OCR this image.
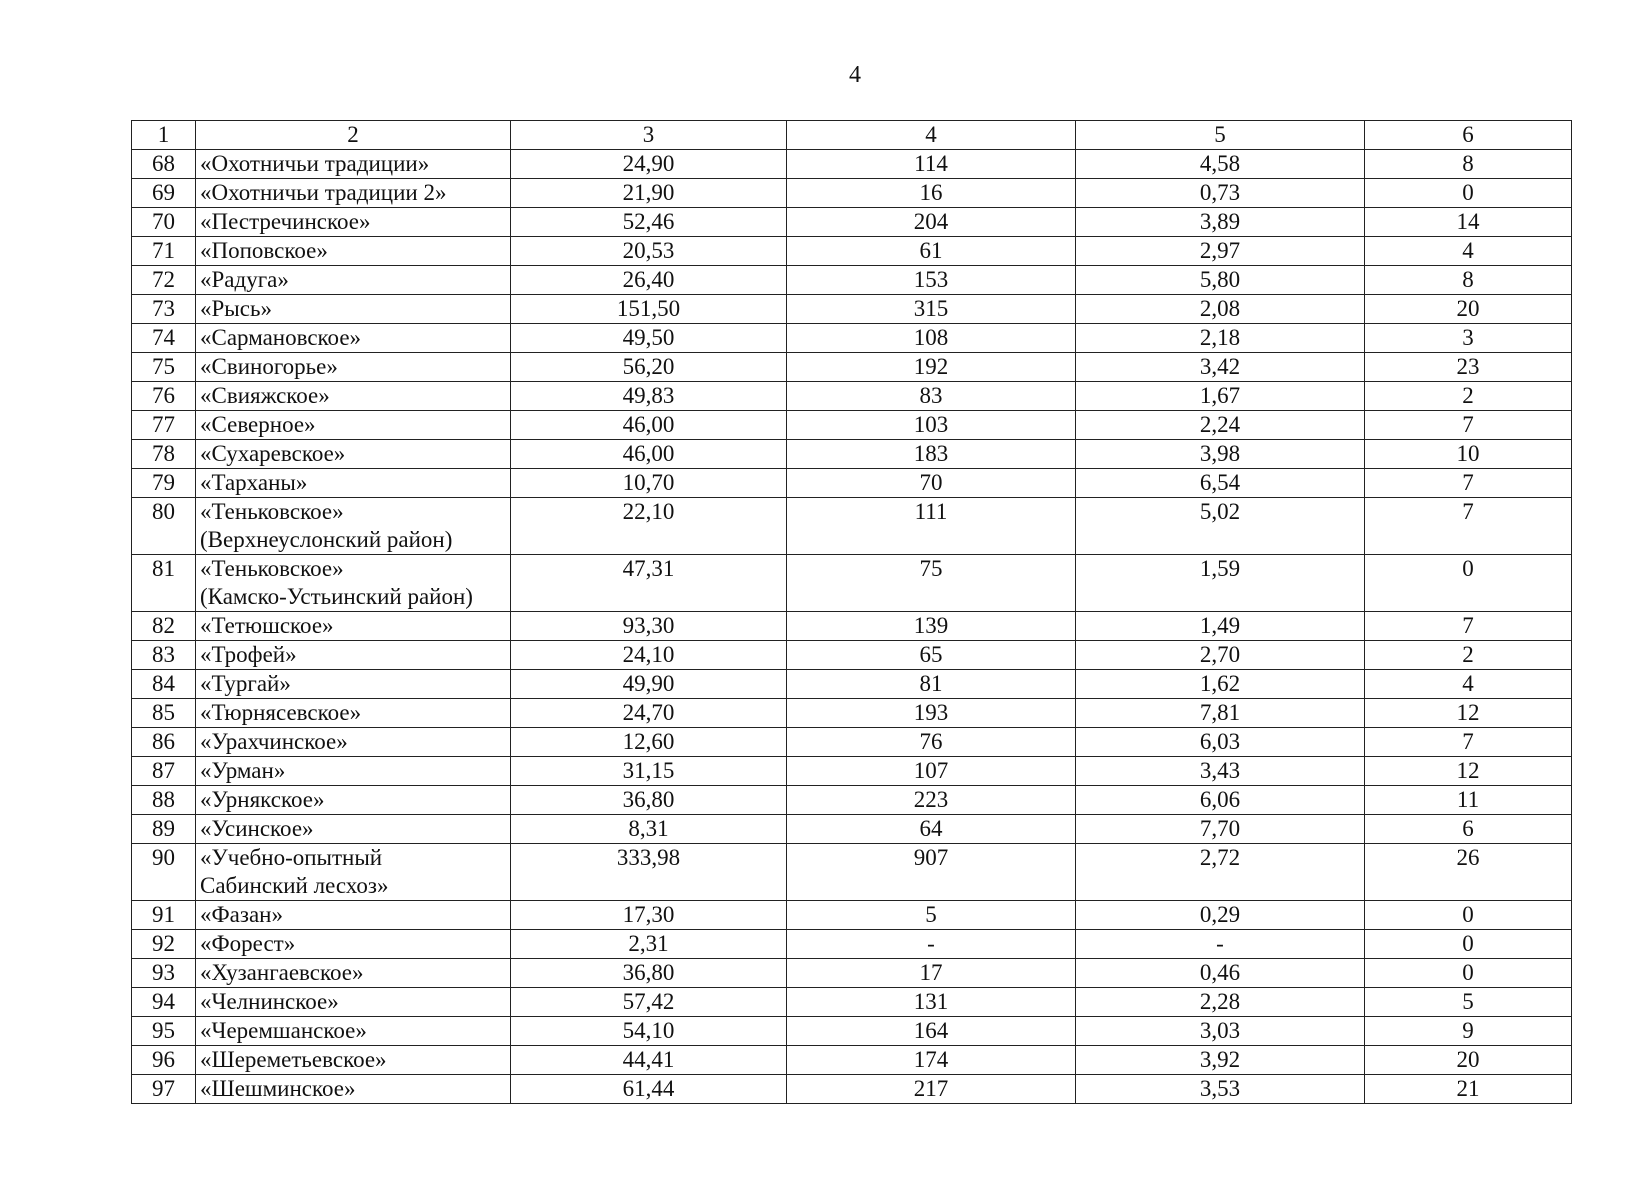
4
1	2	3	4	5	6
68	«Охотничьи традиции»	24,90	114	4,58	8
69	«Охотничьи традиции 2»	21,90	16	0,73	0
70	«Пестречинское»	52,46	204	3,89	14
71	«Поповское»	20,53	61	2,97	4
72	«Радуга»	26,40	153	5,80	8
73	«Рысь»	151,50	315	2,08	20
74	«Сармановское»	49,50	108	2,18	3
75	«Свиногорье»	56,20	192	3,42	23
76	«Свияжское»	49,83	83	1,67	2
77	«Северное»	46,00	103	2,24	7
78	«Сухаревское»	46,00	183	3,98	10
79	«Тарханы»	10,70	70	6,54	7
80	«Теньковское»
(Верхнеуслонский район)	22,10	111	5,02	7
81	«Теньковское»
(Камско-Устьинский район)	47,31	75	1,59	0
82	«Тетюшское»	93,30	139	1,49	7
83	«Трофей»	24,10	65	2,70	2
84	«Тургай»	49,90	81	1,62	4
85	«Тюрнясевское»	24,70	193	7,81	12
86	«Урахчинское»	12,60	76	6,03	7
87	«Урман»	31,15	107	3,43	12
88	«Урнякское»	36,80	223	6,06	11
89	«Усинское»	8,31	64	7,70	6
90	«Учебно-опытный
Сабинский лесхоз»	333,98	907	2,72	26
91	«Фазан»	17,30	5	0,29	0
92	«Форест»	2,31	-	-	0
93	«Хузангаевское»	36,80	17	0,46	0
94	«Челнинское»	57,42	131	2,28	5
95	«Черемшанское»	54,10	164	3,03	9
96	«Шереметьевское»	44,41	174	3,92	20
97	«Шешминское»	61,44	217	3,53	21
